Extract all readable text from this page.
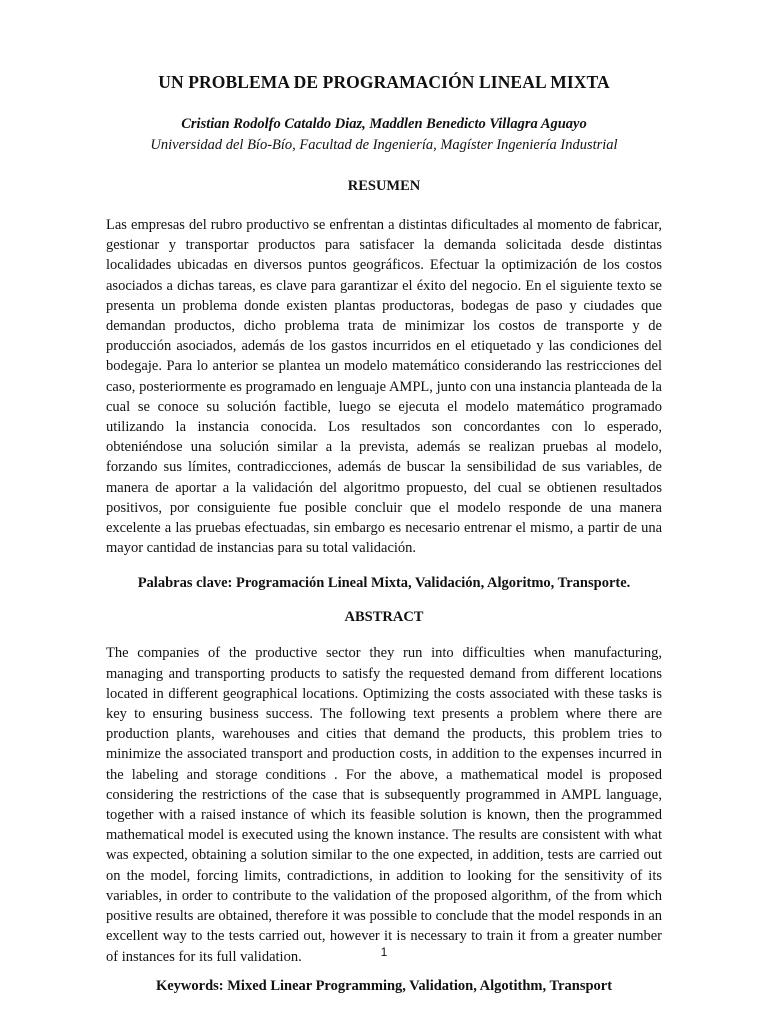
UN PROBLEMA DE PROGRAMACIÓN LINEAL MIXTA

Cristian Rodolfo Cataldo Diaz, Maddlen Benedicto Villagra Aguayo

Universidad del Bío-Bío, Facultad de Ingeniería, Magíster Ingeniería Industrial

RESUMEN

Las empresas del rubro productivo se enfrentan a distintas dificultades al momento de fabricar, gestionar y transportar productos para satisfacer la demanda solicitada desde distintas localidades ubicadas en diversos puntos geográficos. Efectuar la optimización de los costos asociados a dichas tareas, es clave para garantizar el éxito del negocio. En el siguiente texto se presenta un problema donde existen plantas productoras, bodegas de paso y ciudades que demandan productos, dicho problema trata de minimizar los costos de transporte y de producción asociados, además de los gastos incurridos en el etiquetado y las condiciones del bodegaje. Para lo anterior se plantea un modelo matemático considerando las restricciones del caso, posteriormente es programado en lenguaje AMPL, junto con una instancia planteada de la cual se conoce su solución factible, luego se ejecuta el modelo matemático programado utilizando la instancia conocida. Los resultados son concordantes con lo esperado, obteniéndose una solución similar a la prevista, además se realizan pruebas al modelo, forzando sus límites, contradicciones, además de buscar la sensibilidad de sus variables, de manera de aportar a la validación del algoritmo propuesto, del cual se obtienen resultados positivos, por consiguiente fue posible concluir que el modelo responde de una manera excelente a las pruebas efectuadas, sin embargo es necesario entrenar el mismo, a partir de una mayor cantidad de instancias para su total validación.

Palabras clave: Programación Lineal Mixta, Validación, Algoritmo, Transporte.

ABSTRACT

The companies of the productive sector they run into difficulties when manufacturing, managing and transporting products to satisfy the requested demand from different locations located in different geographical locations. Optimizing the costs associated with these tasks is key to ensuring business success. The following text presents a problem where there are production plants, warehouses and cities that demand the products, this problem tries to minimize the associated transport and production costs, in addition to the expenses incurred in the labeling and storage conditions . For the above, a mathematical model is proposed considering the restrictions of the case that is subsequently programmed in AMPL language, together with a raised instance of which its feasible solution is known, then the programmed mathematical model is executed using the known instance. The results are consistent with what was expected, obtaining a solution similar to the one expected, in addition, tests are carried out on the model, forcing limits, contradictions, in addition to looking for the sensitivity of its variables, in order to contribute to the validation of the proposed algorithm, of the from which positive results are obtained, therefore it was possible to conclude that the model responds in an excellent way to the tests carried out, however it is necessary to train it from a greater number of instances for its full validation.

Keywords: Mixed Linear Programming, Validation, Algotithm, Transport

1
